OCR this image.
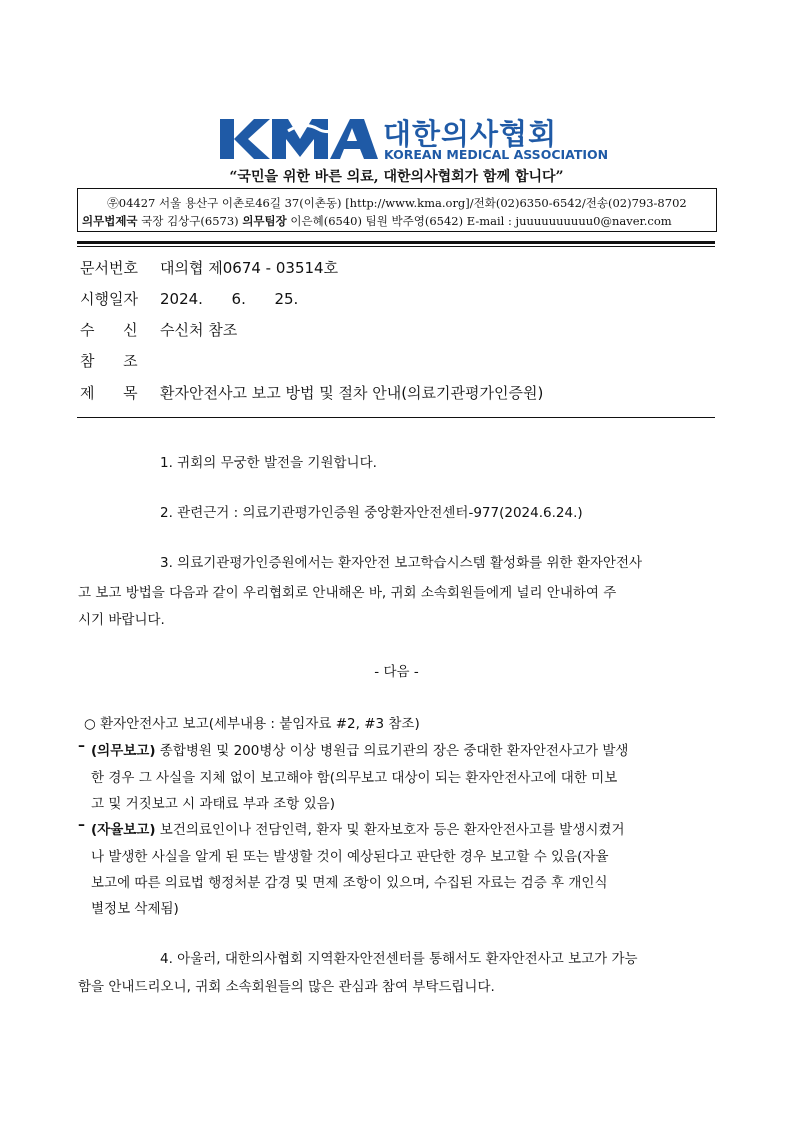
대한의사협회
KOREAN MEDICAL ASSOCIATION
“국민을 위한 바른 의료, 대한의사협회가 함께 합니다”
㉾04427 서울 용산구 이촌로46길 37(이촌동) [http://www.kma.org]/전화(02)6350-6542/전송(02)793-8702
의무법제국 국장 김상구(6573) 의무팀장 이은혜(6540) 팀원 박주영(6542) E-mail : juuuuuuuuuu0@naver.com
문서번호 대의협 제0674 - 03514호
시행일자 2024.      6.      25.
수      신 수신처 참조
참      조
제      목 환자안전사고 보고 방법 및 절차 안내(의료기관평가인증원)
1. 귀회의 무궁한 발전을 기원합니다.
2. 관련근거 : 의료기관평가인증원 중앙환자안전센터-977(2024.6.24.)
3. 의료기관평가인증원에서는 환자안전 보고학습시스템 활성화를 위한 환자안전사
고 보고 방법을 다음과 같이 우리협회로 안내해온 바, 귀회 소속회원들에게 널리 안내하여 주
시기 바랍니다.
- 다음 -
○ 환자안전사고 보고(세부내용 : 붙임자료 #2, #3 참조)
– (의무보고) 종합병원 및 200병상 이상 병원급 의료기관의 장은 중대한 환자안전사고가 발생
한 경우 그 사실을 지체 없이 보고해야 함(의무보고 대상이 되는 환자안전사고에 대한 미보
고 및 거짓보고 시 과태료 부과 조항 있음)
– (자율보고) 보건의료인이나 전담인력, 환자 및 환자보호자 등은 환자안전사고를 발생시켰거
나 발생한 사실을 알게 된 또는 발생할 것이 예상된다고 판단한 경우 보고할 수 있음(자율
보고에 따른 의료법 행정처분 감경 및 면제 조항이 있으며, 수집된 자료는 검증 후 개인식
별정보 삭제됨)
4. 아울러, 대한의사협회 지역환자안전센터를 통해서도 환자안전사고 보고가 가능
함을 안내드리오니, 귀회 소속회원들의 많은 관심과 참여 부탁드립니다.
